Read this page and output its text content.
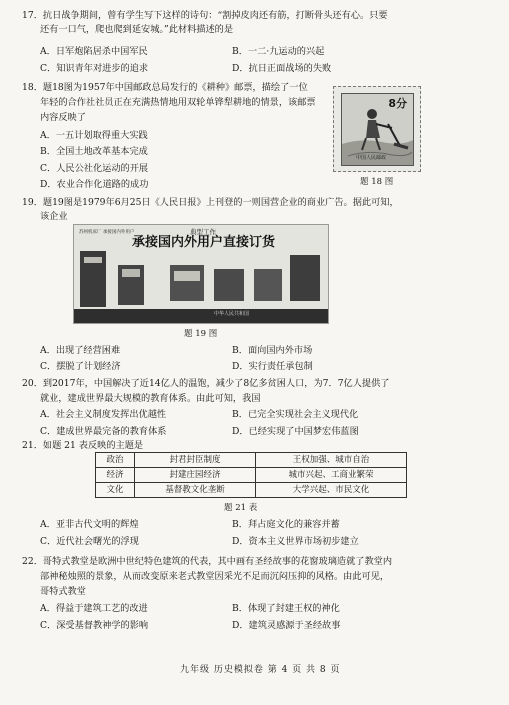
17．抗日战争期间，曾有学生写下这样的诗句：“割掉皮肉还有筋，打断骨头还有心。只要
还有一口气，爬也爬到延安城。”此材料描述的是
A．日军炮陷居杀中国军民	B．一二·九运动的兴起
C．知识青年对进步的追求	D．抗日正面战场的失败
18．题18图为1957年中国邮政总局发行的《耕种》邮票，描绘了一位
年轻的合作社社员正在充满热情地用双轮单铧犁耕地的情景，该邮票
内容反映了
A．一五计划取得重大实践
B．全国土地改革基本完成
C．人民公社化运动的开展
D．农业合作化道路的成功
8分
中国人民邮政
题 18 图
19．题19图是1979年6月25日《人民日报》上刊登的一则国营企业的商业广告。据此可知，
该企业
苏州机床厂 承接国内外用户	典型工作
承接国内外用户直接订货
中华人民共和国
题 19 图
A．出现了经营困难	B．面向国内外市场
C．摆脱了计划经济	D．实行责任承包制
20．到2017年，中国解决了近14亿人的温饱，减少了8亿多贫困人口，为7．7亿人提供了
就业，建成世界最大规模的教育体系。由此可知，我国
A．社会主义制度发挥出优越性	B．已完全实现社会主义现代化
C．建成世界最完备的教育体系	D．已经实现了中国梦宏伟蓝图
21．如题 21 表反映的主题是
政治	封君封臣制度	王权加强、城市自治
经济	封建庄园经济	城市兴起、工商业繁荣
文化	基督教文化垄断	大学兴起、市民文化
题 21 表
A．亚非古代文明的辉煌	B．拜占庭文化的兼容并蓄
C．近代社会曙光的浮现	D．资本主义世界市场初步建立
22．哥特式教堂是欧洲中世纪特色建筑的代表，其中画有圣经故事的花窗玻璃造就了教堂内
部神秘烛照的景象，从而改变原来老式教堂因采光不足而沉闷压抑的风格。由此可见，
哥特式教堂
A．得益于建筑工艺的改进	B．体现了封建王权的神化
C．深受基督教神学的影响	D．建筑灵感源于圣经故事
九年级 历史模拟卷 第 4 页 共 8 页
